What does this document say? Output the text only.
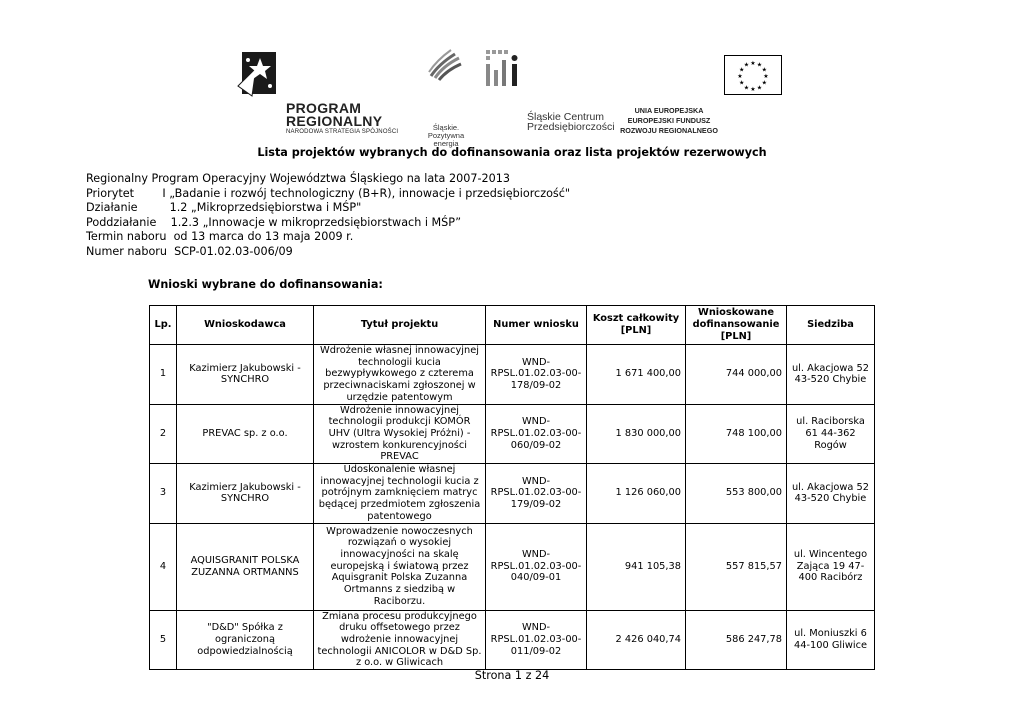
PROGRAM
REGIONALNY
NARODOWA STRATEGIA SPÓJNOŚCI	Śląskie.
Pozytywna energia
Śląskie Centrum
Przedsiębiorczości
UNIA EUROPEJSKA
EUROPEJSKI FUNDUSZ
ROZWOJU REGIONALNEGO
★ ★
★
★
★
★
★
★
★
★
★
★
Lista projektów wybranych do dofinansowania oraz lista projektów rezerwowych
Regionalny Program Operacyjny Województwa Śląskiego na lata 2007-2013
Priorytet        I „Badanie i rozwój technologiczny (B+R), innowacje i przedsiębiorczość"
Działanie         1.2 „Mikroprzedsiębiorstwa i MŚP"
Poddziałanie    1.2.3 „Innowacje w mikroprzedsiębiorstwach i MŚP”
Termin naboru  od 13 marca do 13 maja 2009 r.
Numer naboru  SCP-01.02.03-006/09
Wnioski wybrane do dofinansowania:
Lp.	Wnioskodawca	Tytuł projektu	Numer wniosku	Koszt całkowity [PLN]	Wnioskowane dofinansowanie [PLN]	Siedziba
1	Kazimierz Jakubowski - SYNCHRO	Wdrożenie własnej innowacyjnej technologii kucia bezwypływkowego z czterema przeciwnaciskami zgłoszonej w urzędzie patentowym	WND-RPSL.01.02.03-00-178/09-02	1 671 400,00	744 000,00	ul. Akacjowa 52 43-520 Chybie
2	PREVAC sp. z o.o.	Wdrożenie innowacyjnej technologii produkcji KOMÓR UHV (Ultra Wysokiej Próżni) - wzrostem konkurencyjności PREVAC	WND-RPSL.01.02.03-00-060/09-02	1 830 000,00	748 100,00	ul. Raciborska 61 44-362 Rogów
3	Kazimierz Jakubowski - SYNCHRO	Udoskonalenie własnej innowacyjnej technologii kucia z potrójnym zamknięciem matryc będącej przedmiotem zgłoszenia patentowego	WND-RPSL.01.02.03-00-179/09-02	1 126 060,00	553 800,00	ul. Akacjowa 52 43-520 Chybie
4	AQUISGRANIT POLSKA ZUZANNA ORTMANNS	Wprowadzenie nowoczesnych rozwiązań o wysokiej innowacyjności na skalę europejską i światową przez Aquisgranit Polska Zuzanna Ortmanns z siedzibą w Raciborzu.	WND-RPSL.01.02.03-00-040/09-01	941 105,38	557 815,57	ul. Wincentego Zająca 19 47-400 Racibórz
5	"D&D" Spółka z ograniczoną odpowiedzialnością	Zmiana procesu produkcyjnego druku offsetowego przez wdrożenie innowacyjnej technologii ANICOLOR w D&D Sp. z o.o. w Gliwicach	WND-RPSL.01.02.03-00-011/09-02	2 426 040,74	586 247,78	ul. Moniuszki 6 44-100 Gliwice
Strona 1 z 24
